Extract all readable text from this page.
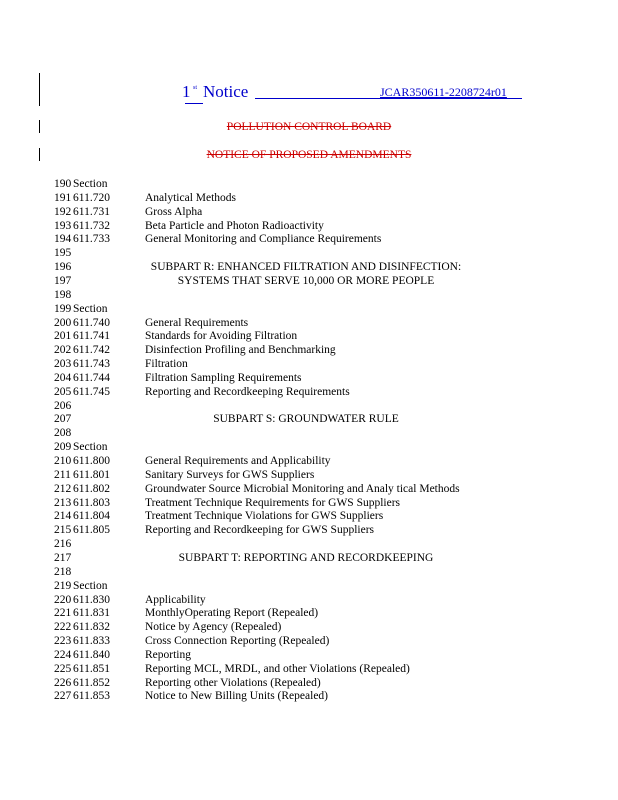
1 st Notice	JCAR350611-2208724r01
POLLUTION CONTROL BOARD
NOTICE OF PROPOSED AMENDMENTS
190 Section
191 611.720	Analytical Methods
192 611.731	Gross Alpha
193 611.732	Beta Particle and Photon Radioactivity
194 611.733	General Monitoring and Compliance Requirements
195
196	SUBPART R: ENHANCED FILTRATION AND DISINFECTION:
197	SYSTEMS THAT SERVE 10,000 OR MORE PEOPLE
198
199 Section
200 611.740	General Requirements
201 611.741	Standards for Avoiding Filtration
202 611.742	Disinfection Profiling and Benchmarking
203 611.743	Filtration
204 611.744	Filtration Sampling Requirements
205 611.745	Reporting and Recordkeeping Requirements
206
207	SUBPART S: GROUNDWATER RULE
208
209 Section
210 611.800	General Requirements and Applicability
211 611.801	Sanitary Surveys for GWS Suppliers
212 611.802	Groundwater Source Microbial Monitoring and Analy tical Methods
213 611.803	Treatment Technique Requirements for GWS Suppliers
214 611.804	Treatment Technique Violations for GWS Suppliers
215 611.805	Reporting and Recordkeeping for GWS Suppliers
216
217	SUBPART T: REPORTING AND RECORDKEEPING
218
219 Section
220 611.830	Applicability
221 611.831	MonthlyOperating Report (Repealed)
222 611.832	Notice by Agency (Repealed)
223 611.833	Cross Connection Reporting (Repealed)
224 611.840	Reporting
225 611.851	Reporting MCL, MRDL, and other Violations (Repealed)
226 611.852	Reporting other Violations (Repealed)
227 611.853	Notice to New Billing Units (Repealed)
